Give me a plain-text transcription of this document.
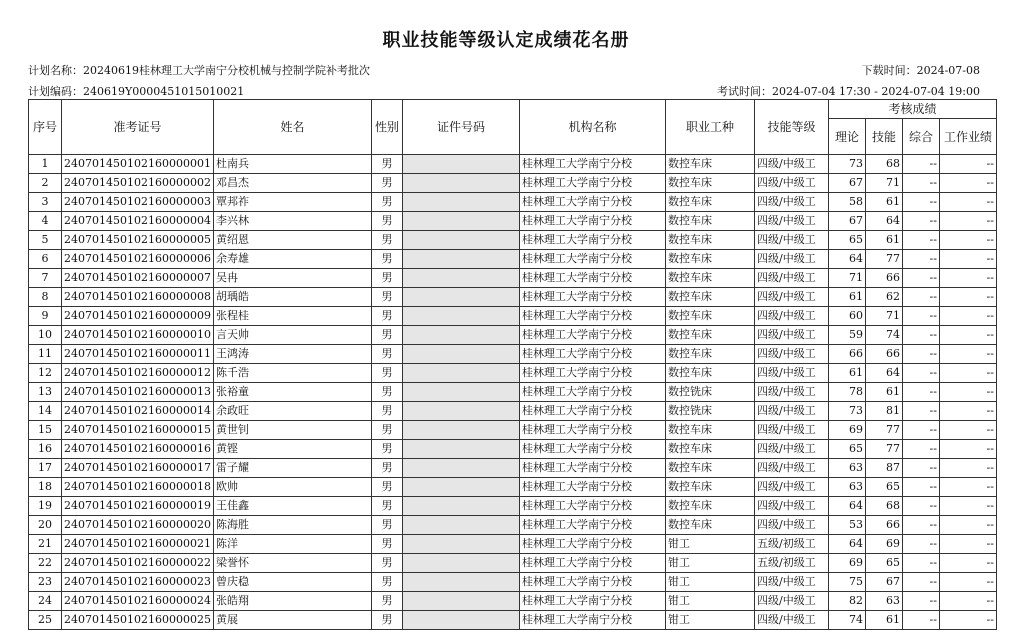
职业技能等级认定成绩花名册
计划名称：20240619桂林理工大学南宁分校机械与控制学院补考批次	下载时间：2024-07-08
计划编码：240619Y0000451015010021	考试时间：2024-07-04 17:30 - 2024-07-04 19:00
序号	准考证号	姓名	性别	证件号码	机构名称	职业工种	技能等级	考核成绩			
								理论	技能	综合	工作业绩
1	240701450102160000001	杜南兵	男		桂林理工大学南宁分校	数控车床	四级/中级工	73	68	--	--
2	240701450102160000002	邓昌杰	男		桂林理工大学南宁分校	数控车床	四级/中级工	67	71	--	--
3	240701450102160000003	覃邦祚	男		桂林理工大学南宁分校	数控车床	四级/中级工	58	61	--	--
4	240701450102160000004	李兴林	男		桂林理工大学南宁分校	数控车床	四级/中级工	67	64	--	--
5	240701450102160000005	黄绍恩	男		桂林理工大学南宁分校	数控车床	四级/中级工	65	61	--	--
6	240701450102160000006	余寿雄	男		桂林理工大学南宁分校	数控车床	四级/中级工	64	77	--	--
7	240701450102160000007	吴冉	男		桂林理工大学南宁分校	数控车床	四级/中级工	71	66	--	--
8	240701450102160000008	胡瑀皓	男		桂林理工大学南宁分校	数控车床	四级/中级工	61	62	--	--
9	240701450102160000009	张程桂	男		桂林理工大学南宁分校	数控车床	四级/中级工	60	71	--	--
10	240701450102160000010	言天帅	男		桂林理工大学南宁分校	数控车床	四级/中级工	59	74	--	--
11	240701450102160000011	王鸿涛	男		桂林理工大学南宁分校	数控车床	四级/中级工	66	66	--	--
12	240701450102160000012	陈千浩	男		桂林理工大学南宁分校	数控车床	四级/中级工	61	64	--	--
13	240701450102160000013	张裕童	男		桂林理工大学南宁分校	数控铣床	四级/中级工	78	61	--	--
14	240701450102160000014	余政旺	男		桂林理工大学南宁分校	数控铣床	四级/中级工	73	81	--	--
15	240701450102160000015	黄世钊	男		桂林理工大学南宁分校	数控车床	四级/中级工	69	77	--	--
16	240701450102160000016	黄铿	男		桂林理工大学南宁分校	数控车床	四级/中级工	65	77	--	--
17	240701450102160000017	雷子耀	男		桂林理工大学南宁分校	数控车床	四级/中级工	63	87	--	--
18	240701450102160000018	欧帅	男		桂林理工大学南宁分校	数控车床	四级/中级工	63	65	--	--
19	240701450102160000019	王佳鑫	男		桂林理工大学南宁分校	数控车床	四级/中级工	64	68	--	--
20	240701450102160000020	陈海胜	男		桂林理工大学南宁分校	数控车床	四级/中级工	53	66	--	--
21	240701450102160000021	陈洋	男		桂林理工大学南宁分校	钳工	五级/初级工	64	69	--	--
22	240701450102160000022	梁誉怀	男		桂林理工大学南宁分校	钳工	五级/初级工	69	65	--	--
23	240701450102160000023	曾庆稳	男		桂林理工大学南宁分校	钳工	四级/中级工	75	67	--	--
24	240701450102160000024	张皓翔	男		桂林理工大学南宁分校	钳工	四级/中级工	82	63	--	--
25	240701450102160000025	黄展	男		桂林理工大学南宁分校	钳工	四级/中级工	74	61	--	--
